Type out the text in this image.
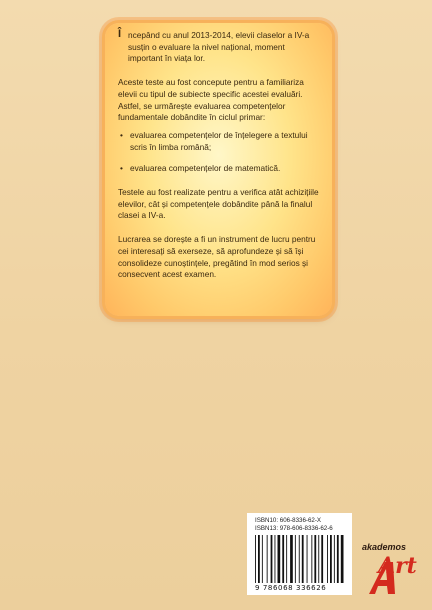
Î ncepând cu anul 2013-2014, elevii claselor a IV-a susțin o evaluare la nivel național, moment important în viața lor.

Aceste teste au fost concepute pentru a familiariza elevii cu tipul de subiecte specific acestei evaluări. Astfel, se urmărește evaluarea competențelor fundamentale dobândite în ciclul primar:

• evaluarea competențelor de înțelegere a textului scris în limba română;
• evaluarea competențelor de matematică.

Testele au fost realizate pentru a verifica atât achizițiile elevilor, cât și competențele dobândite până la finalul clasei a IV-a.

Lucrarea se dorește a fi un instrument de lucru pentru cei interesați să exerseze, să aprofundeze și să își consolideze cunoștințele, pregătind în mod serios și consecvent acest examen.

ISBN10: 606-8336-62-X
ISBN13: 978-606-8336-62-6
9 786068 336626
akademos
Art
